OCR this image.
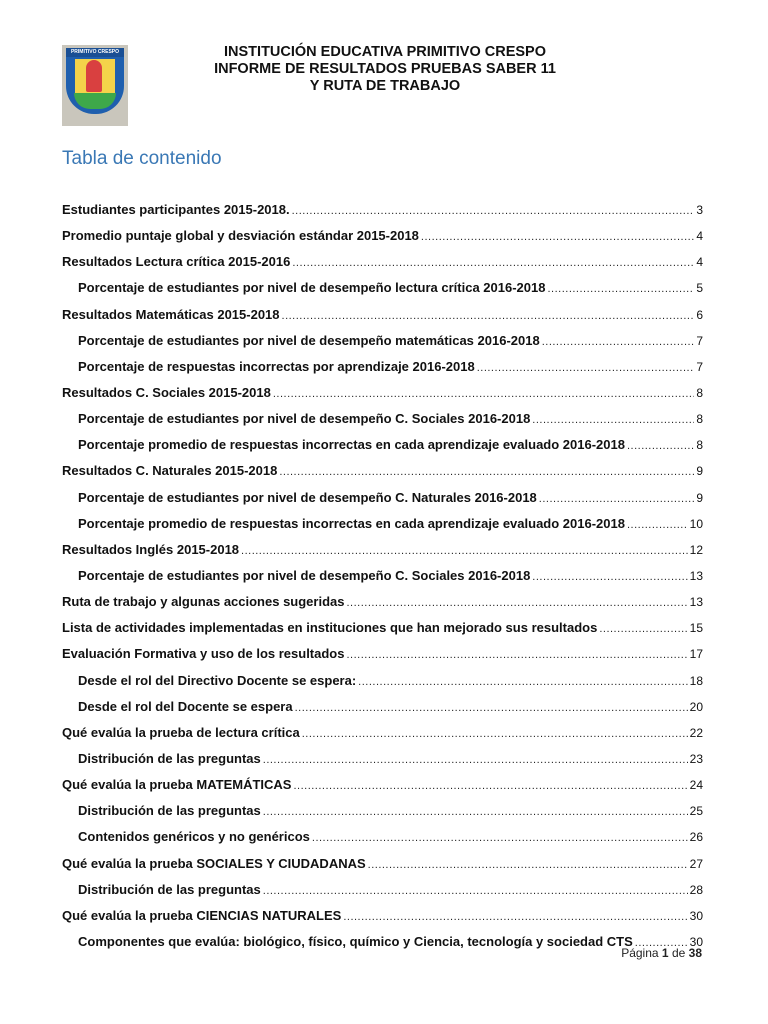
PRIMITIVO CRESPO	INSTITUCIÓN EDUCATIVA PRIMITIVO CRESPO
INFORME DE RESULTADOS PRUEBAS SABER 11
Y RUTA DE TRABAJO
Tabla de contenido
Estudiantes participantes 2015-2018. .....	3
Promedio puntaje global y desviación estándar 2015-2018 .....	4
Resultados Lectura crítica 2015-2016 .....	4
Porcentaje de estudiantes por nivel de desempeño lectura crítica 2016-2018 .....	5
Resultados Matemáticas 2015-2018 .....	6
Porcentaje de estudiantes por nivel de desempeño matemáticas 2016-2018 .....	7
Porcentaje de respuestas incorrectas por aprendizaje 2016-2018 .....	7
Resultados C. Sociales 2015-2018 .....	8
Porcentaje de estudiantes por nivel de desempeño C. Sociales 2016-2018 .....	8
Porcentaje promedio de respuestas incorrectas en cada aprendizaje evaluado 2016-2018 .....	8
Resultados C. Naturales 2015-2018 .....	9
Porcentaje de estudiantes por nivel de desempeño C. Naturales 2016-2018 .....	9
Porcentaje promedio de respuestas incorrectas en cada aprendizaje evaluado 2016-2018 .....	10
Resultados Inglés 2015-2018 .....	12
Porcentaje de estudiantes por nivel de desempeño C. Sociales 2016-2018 .....	13
Ruta de trabajo y algunas acciones sugeridas .....	13
Lista de actividades implementadas en instituciones que han mejorado sus resultados .....	15
Evaluación Formativa y uso de los resultados .....	17
Desde el rol del Directivo Docente se espera: .....	18
Desde el rol del Docente se espera .....	20
Qué evalúa la prueba de lectura crítica .....	22
Distribución de las preguntas .....	23
Qué evalúa la prueba MATEMÁTICAS .....	24
Distribución de las preguntas .....	25
Contenidos genéricos y no genéricos .....	26
Qué evalúa la prueba SOCIALES Y CIUDADANAS .....	27
Distribución de las preguntas .....	28
Qué evalúa la prueba CIENCIAS NATURALES .....	30
Componentes que evalúa: biológico, físico, químico y Ciencia, tecnología y sociedad CTS .....	30
Página 1 de 38
